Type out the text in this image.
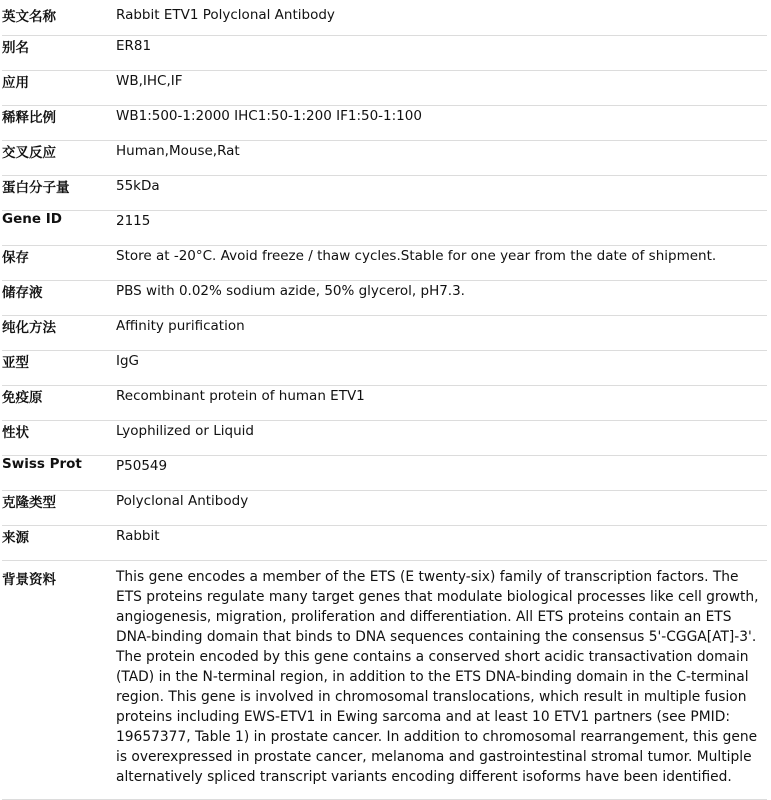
英文名称	Rabbit ETV1 Polyclonal Antibody
别名	ER81
应用	WB,IHC,IF
稀释比例	WB1:500-1:2000 IHC1:50-1:200 IF1:50-1:100
交叉反应	Human,Mouse,Rat
蛋白分子量	55kDa
Gene ID	2115
保存	Store at -20°C. Avoid freeze / thaw cycles.Stable for one year from the date of shipment.
储存液	PBS with 0.02% sodium azide, 50% glycerol, pH7.3.
纯化方法	Affinity purification
亚型	IgG
免疫原	Recombinant protein of human ETV1
性状	Lyophilized or Liquid
Swiss Prot	P50549
克隆类型	Polyclonal Antibody
来源	Rabbit
背景资料	This gene encodes a member of the ETS (E twenty-six) family of transcription factors. The ETS proteins regulate many target genes that modulate biological processes like cell growth, angiogenesis, migration, proliferation and differentiation. All ETS proteins contain an ETS DNA-binding domain that binds to DNA sequences containing the consensus 5'-CGGA[AT]-3'. The protein encoded by this gene contains a conserved short acidic transactivation domain (TAD) in the N-terminal region, in addition to the ETS DNA-binding domain in the C-terminal region. This gene is involved in chromosomal translocations, which result in multiple fusion proteins including EWS-ETV1 in Ewing sarcoma and at least 10 ETV1 partners (see PMID: 19657377, Table 1) in prostate cancer. In addition to chromosomal rearrangement, this gene is overexpressed in prostate cancer, melanoma and gastrointestinal stromal tumor. Multiple alternatively spliced transcript variants encoding different isoforms have been identified.
